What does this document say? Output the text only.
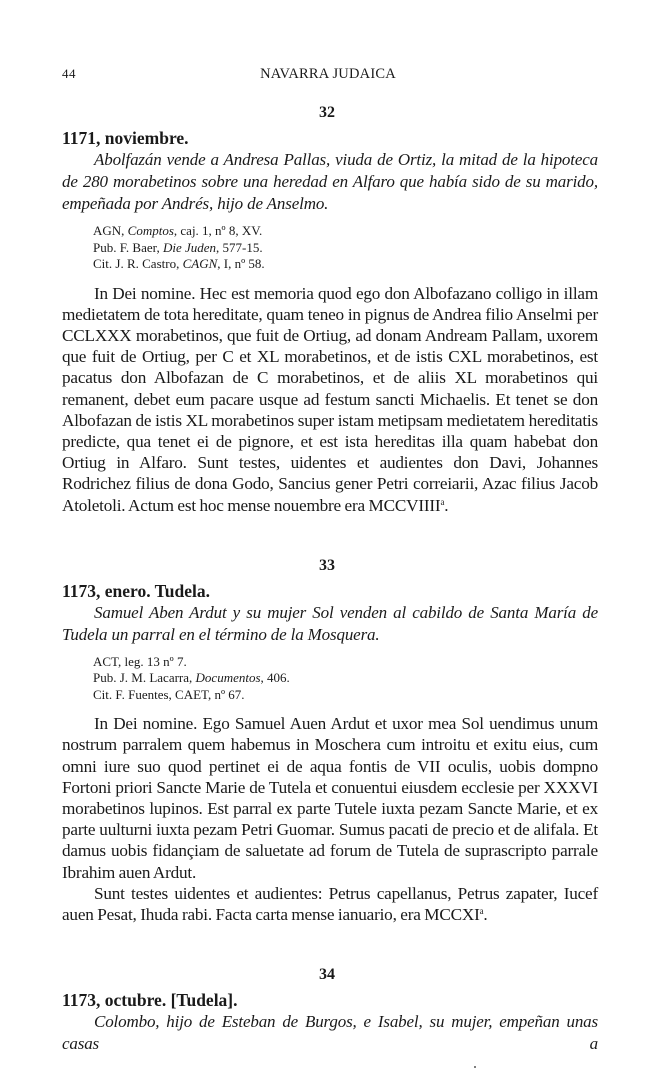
44	NAVARRA JUDAICA
32
1171, noviembre.

Abolfazán vende a Andresa Pallas, viuda de Ortiz, la mitad de la hipoteca de 280 morabetinos sobre una heredad en Alfaro que había sido de su marido, empeñada por Andrés, hijo de Anselmo.

AGN, Comptos, caj. 1, nº 8, XV.
Pub. F. Baer, Die Juden, 577-15.
Cit. J. R. Castro, CAGN, I, nº 58.

In Dei nomine. Hec est memoria quod ego don Albofazano colligo in illam medietatem de tota hereditate, quam teneo in pignus de Andrea filio Anselmi per CCLXXX morabetinos, que fuit de Ortiug, ad donam Andream Pallam, uxorem que fuit de Ortiug, per C et XL morabetinos, et de istis CXL morabetinos, est pacatus don Albofazan de C morabetinos, et de aliis XL morabetinos qui remanent, debet eum pacare usque ad festum sancti Michaelis. Et tenet se don Albofazan de istis XL morabetinos super istam metipsam medietatem hereditatis predicte, qua tenet ei de pignore, et est ista hereditas illa quam habebat don Ortiug in Alfaro. Sunt testes, uidentes et audientes don Davi, Johannes Rodrichez filius de dona Godo, Sancius gener Petri correiarii, Azac filius Jacob Atoletoli. Actum est hoc mense nouembre era MCCVIIII$^a$.

33
1173, enero. Tudela.

Samuel Aben Ardut y su mujer Sol venden al cabildo de Santa María de Tudela un parral en el término de la Mosquera.

ACT, leg. 13 nº 7.
Pub. J. M. Lacarra, Documentos, 406.
Cit. F. Fuentes, CAET, nº 67.

In Dei nomine. Ego Samuel Auen Ardut et uxor mea Sol uendimus unum nostrum parralem quem habemus in Moschera cum introitu et exitu eius, cum omni iure suo quod pertinet ei de aqua fontis de VII oculis, uobis dompno Fortoni priori Sancte Marie de Tutela et conuentui eiusdem ecclesie per XXXVI morabetinos lupinos. Est parral ex parte Tutele iuxta pezam Sancte Marie, et ex parte uulturni iuxta pezam Petri Guomar. Sumus pacati de precio et de alifala. Et damus uobis fidançiam de saluetate ad forum de Tutela de suprascripto parrale Ibrahim auen Ardut.

Sunt testes uidentes et audientes: Petrus capellanus, Petrus zapater, Iucef auen Pesat, Ihuda rabi. Facta carta mense ianuario, era MCCXI$^a$.

34
1173, octubre. [Tudela].

Colombo, hijo de Esteban de Burgos, e Isabel, su mujer, empeñan unas casas a
